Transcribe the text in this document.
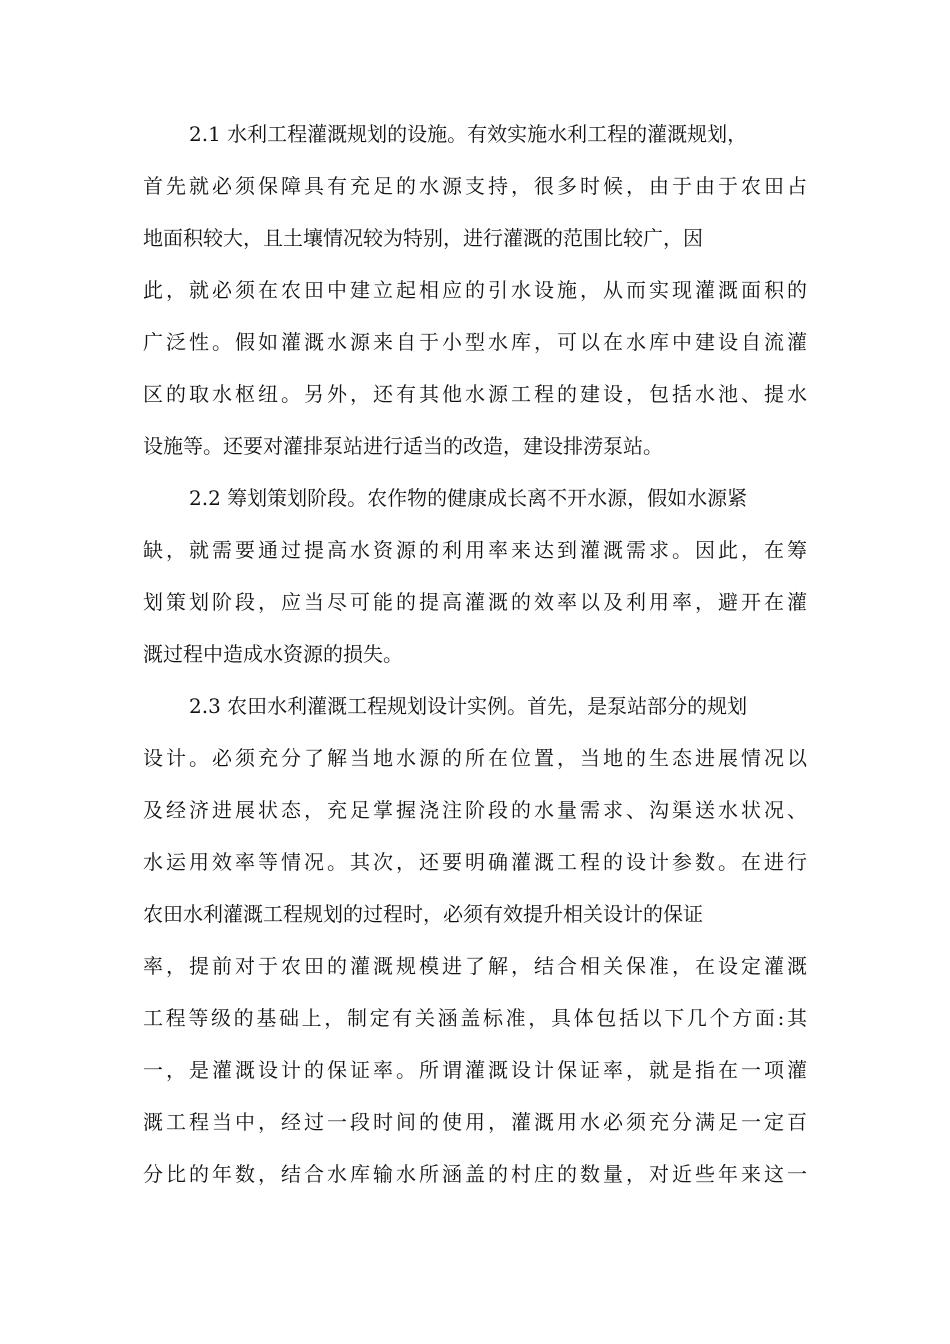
2.1 水利工程灌溉规划的设施。有效实施水利工程的灌溉规划，
首先就必须保障具有充足的水源支持，很多时候，由于由于农田占
地面积较大，且土壤情况较为特别，进行灌溉的范围比较广，因
此，就必须在农田中建立起相应的引水设施，从而实现灌溉面积的
广泛性。假如灌溉水源来自于小型水库，可以在水库中建设自流灌
区的取水枢纽。另外，还有其他水源工程的建设，包括水池、提水
设施等。还要对灌排泵站进行适当的改造，建设排涝泵站。
2.2 筹划策划阶段。农作物的健康成长离不开水源，假如水源紧
缺，就需要通过提高水资源的利用率来达到灌溉需求。因此，在筹
划策划阶段，应当尽可能的提高灌溉的效率以及利用率，避开在灌
溉过程中造成水资源的损失。
2.3 农田水利灌溉工程规划设计实例。首先，是泵站部分的规划
设计。必须充分了解当地水源的所在位置，当地的生态进展情况以
及经济进展状态，充足掌握浇注阶段的水量需求、沟渠送水状况、
水运用效率等情况。其次，还要明确灌溉工程的设计参数。在进行
农田水利灌溉工程规划的过程时，必须有效提升相关设计的保证
率，提前对于农田的灌溉规模进了解，结合相关保准，在设定灌溉
工程等级的基础上，制定有关涵盖标准，具体包括以下几个方面:其
一，是灌溉设计的保证率。所谓灌溉设计保证率，就是指在一项灌
溉工程当中，经过一段时间的使用，灌溉用水必须充分满足一定百
分比的年数，结合水库输水所涵盖的村庄的数量，对近些年来这一
